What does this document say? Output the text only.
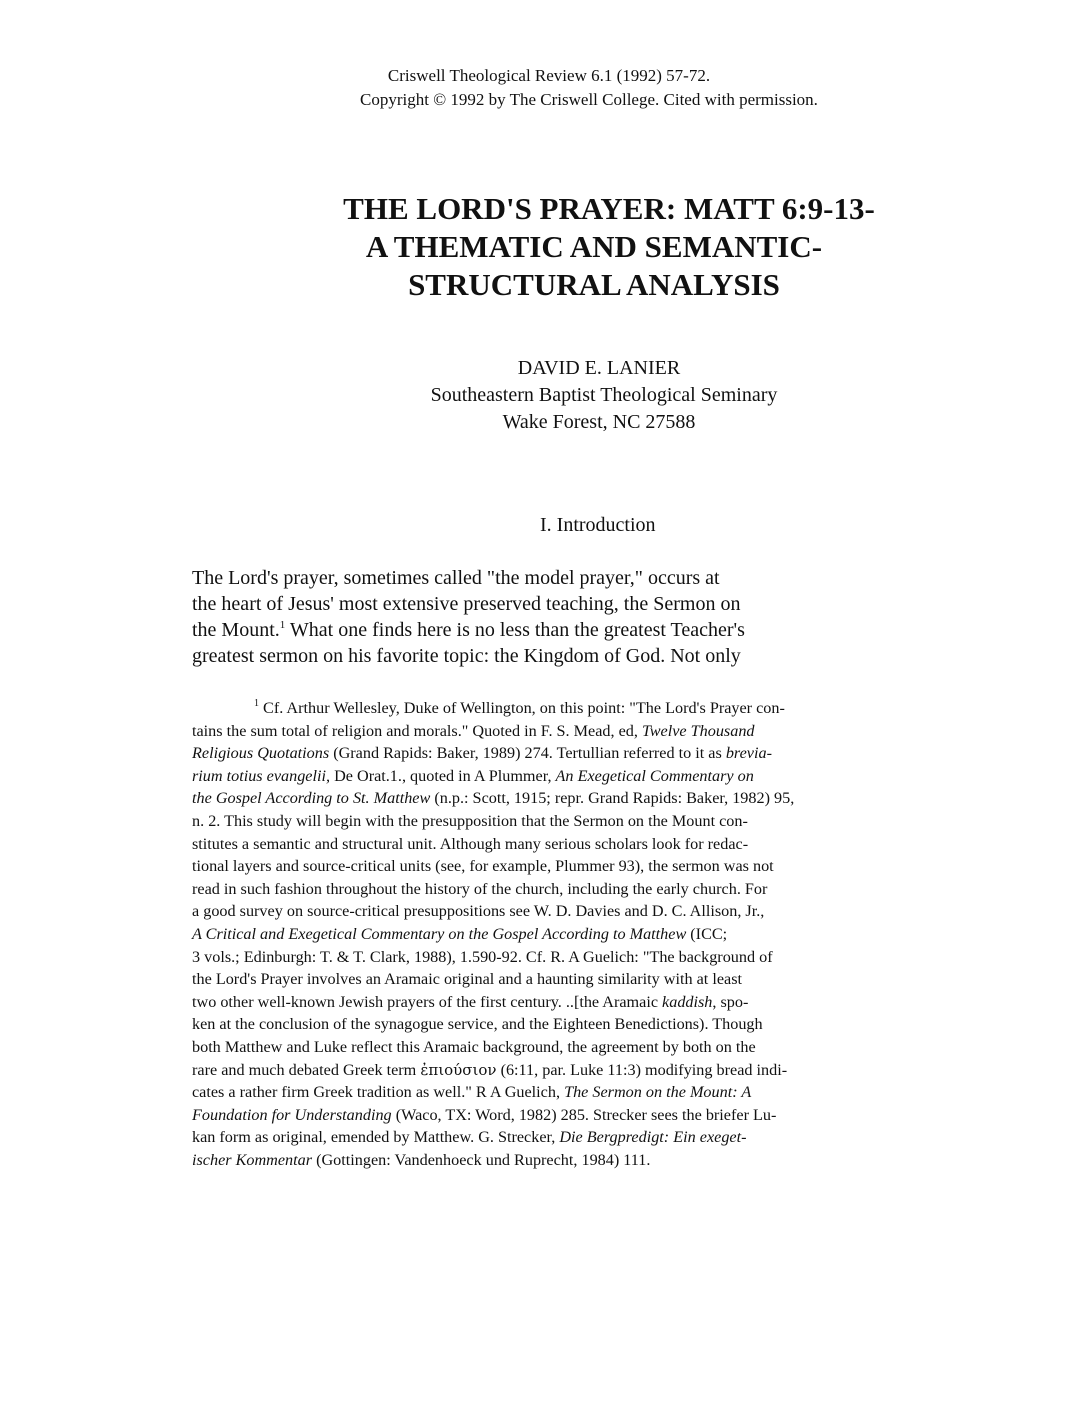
Criswell Theological Review 6.1 (1992) 57-72.
Copyright © 1992 by The Criswell College. Cited with permission.
THE LORD'S PRAYER: MATT 6:9-13-
A THEMATIC AND SEMANTIC-
STRUCTURAL ANALYSIS
DAVID E. LANIER
Southeastern Baptist Theological Seminary
Wake Forest, NC 27588
I. Introduction
The Lord's prayer, sometimes called "the model prayer," occurs at
the heart of Jesus' most extensive preserved teaching, the Sermon on
the Mount.$^1$ What one finds here is no less than the greatest Teacher's
greatest sermon on his favorite topic: the Kingdom of God. Not only
$^1$ Cf. Arthur Wellesley, Duke of Wellington, on this point: "The Lord's Prayer con-
tains the sum total of religion and morals." Quoted in F. S. Mead, ed, Twelve Thousand
Religious Quotations (Grand Rapids: Baker, 1989) 274. Tertullian referred to it as brevia-
rium totius evangelii, De Orat.1., quoted in A Plummer, An Exegetical Commentary on
the Gospel According to St. Matthew (n.p.: Scott, 1915; repr. Grand Rapids: Baker, 1982) 95,
n. 2. This study will begin with the presupposition that the Sermon on the Mount con-
stitutes a semantic and structural unit. Although many serious scholars look for redac-
tional layers and source-critical units (see, for example, Plummer 93), the sermon was not
read in such fashion throughout the history of the church, including the early church. For
a good survey on source-critical presuppositions see W. D. Davies and D. C. Allison, Jr.,
A Critical and Exegetical Commentary on the Gospel According to Matthew (ICC;
3 vols.; Edinburgh: T. & T. Clark, 1988), 1.590-92. Cf. R. A Guelich: "The background of
the Lord's Prayer involves an Aramaic original and a haunting similarity with at least
two other well-known Jewish prayers of the first century. ..[the Aramaic kaddish, spo-
ken at the conclusion of the synagogue service, and the Eighteen Benedictions). Though
both Matthew and Luke reflect this Aramaic background, the agreement by both on the
rare and much debated Greek term ἐπιούσιον (6:11, par. Luke 11:3) modifying bread indi-
cates a rather firm Greek tradition as well." R A Guelich, The Sermon on the Mount: A
Foundation for Understanding (Waco, TX: Word, 1982) 285. Strecker sees the briefer Lu-
kan form as original, emended by Matthew. G. Strecker, Die Bergpredigt: Ein exeget-
ischer Kommentar (Gottingen: Vandenhoeck und Ruprecht, 1984) 111.
